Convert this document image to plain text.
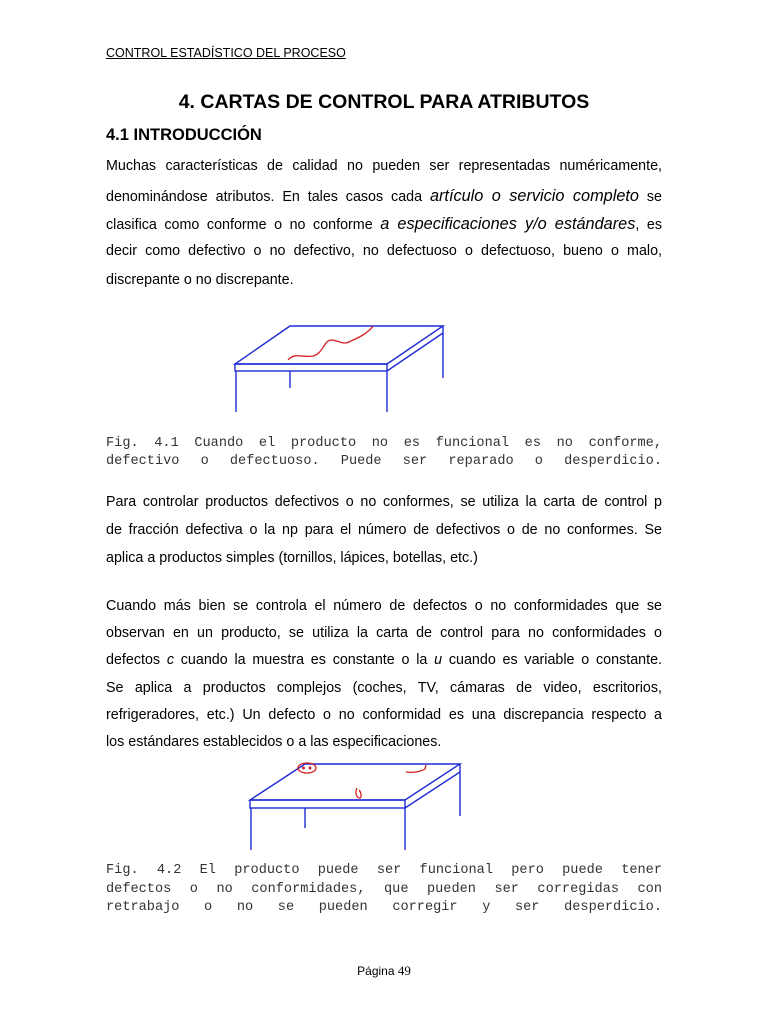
CONTROL ESTADÍSTICO DEL PROCESO
4. CARTAS DE CONTROL PARA ATRIBUTOS
4.1 INTRODUCCIÓN
Muchas características de calidad no pueden ser representadas numéricamente,
denominándose atributos. En tales casos cada artículo o servicio completo se
clasifica como conforme o no conforme a especificaciones y/o estándares, es
decir como defectivo o no defectivo, no defectuoso o defectuoso, bueno o malo,
discrepante o no discrepante.
Fig. 4.1 Cuando el producto no es funcional es no conforme,
defectivo o defectuoso. Puede ser reparado o desperdicio.
Para controlar productos defectivos o no conformes, se utiliza la carta de control p
de fracción defectiva o la np para el número de defectivos o de no conformes. Se
aplica a productos simples (tornillos, lápices, botellas, etc.)
Cuando más bien se controla el número de defectos o no conformidades que se
observan en un producto, se utiliza la carta de control para no conformidades o
defectos c cuando la muestra es constante o la u cuando es variable o constante.
Se aplica a productos complejos (coches, TV, cámaras de video, escritorios,
refrigeradores, etc.) Un defecto o no conformidad es una discrepancia respecto a
los estándares establecidos o a las especificaciones.
Fig. 4.2 El producto puede ser funcional pero puede tener
defectos o no conformidades, que pueden ser corregidas con
retrabajo o no se pueden corregir y ser desperdicio.
Página 49
